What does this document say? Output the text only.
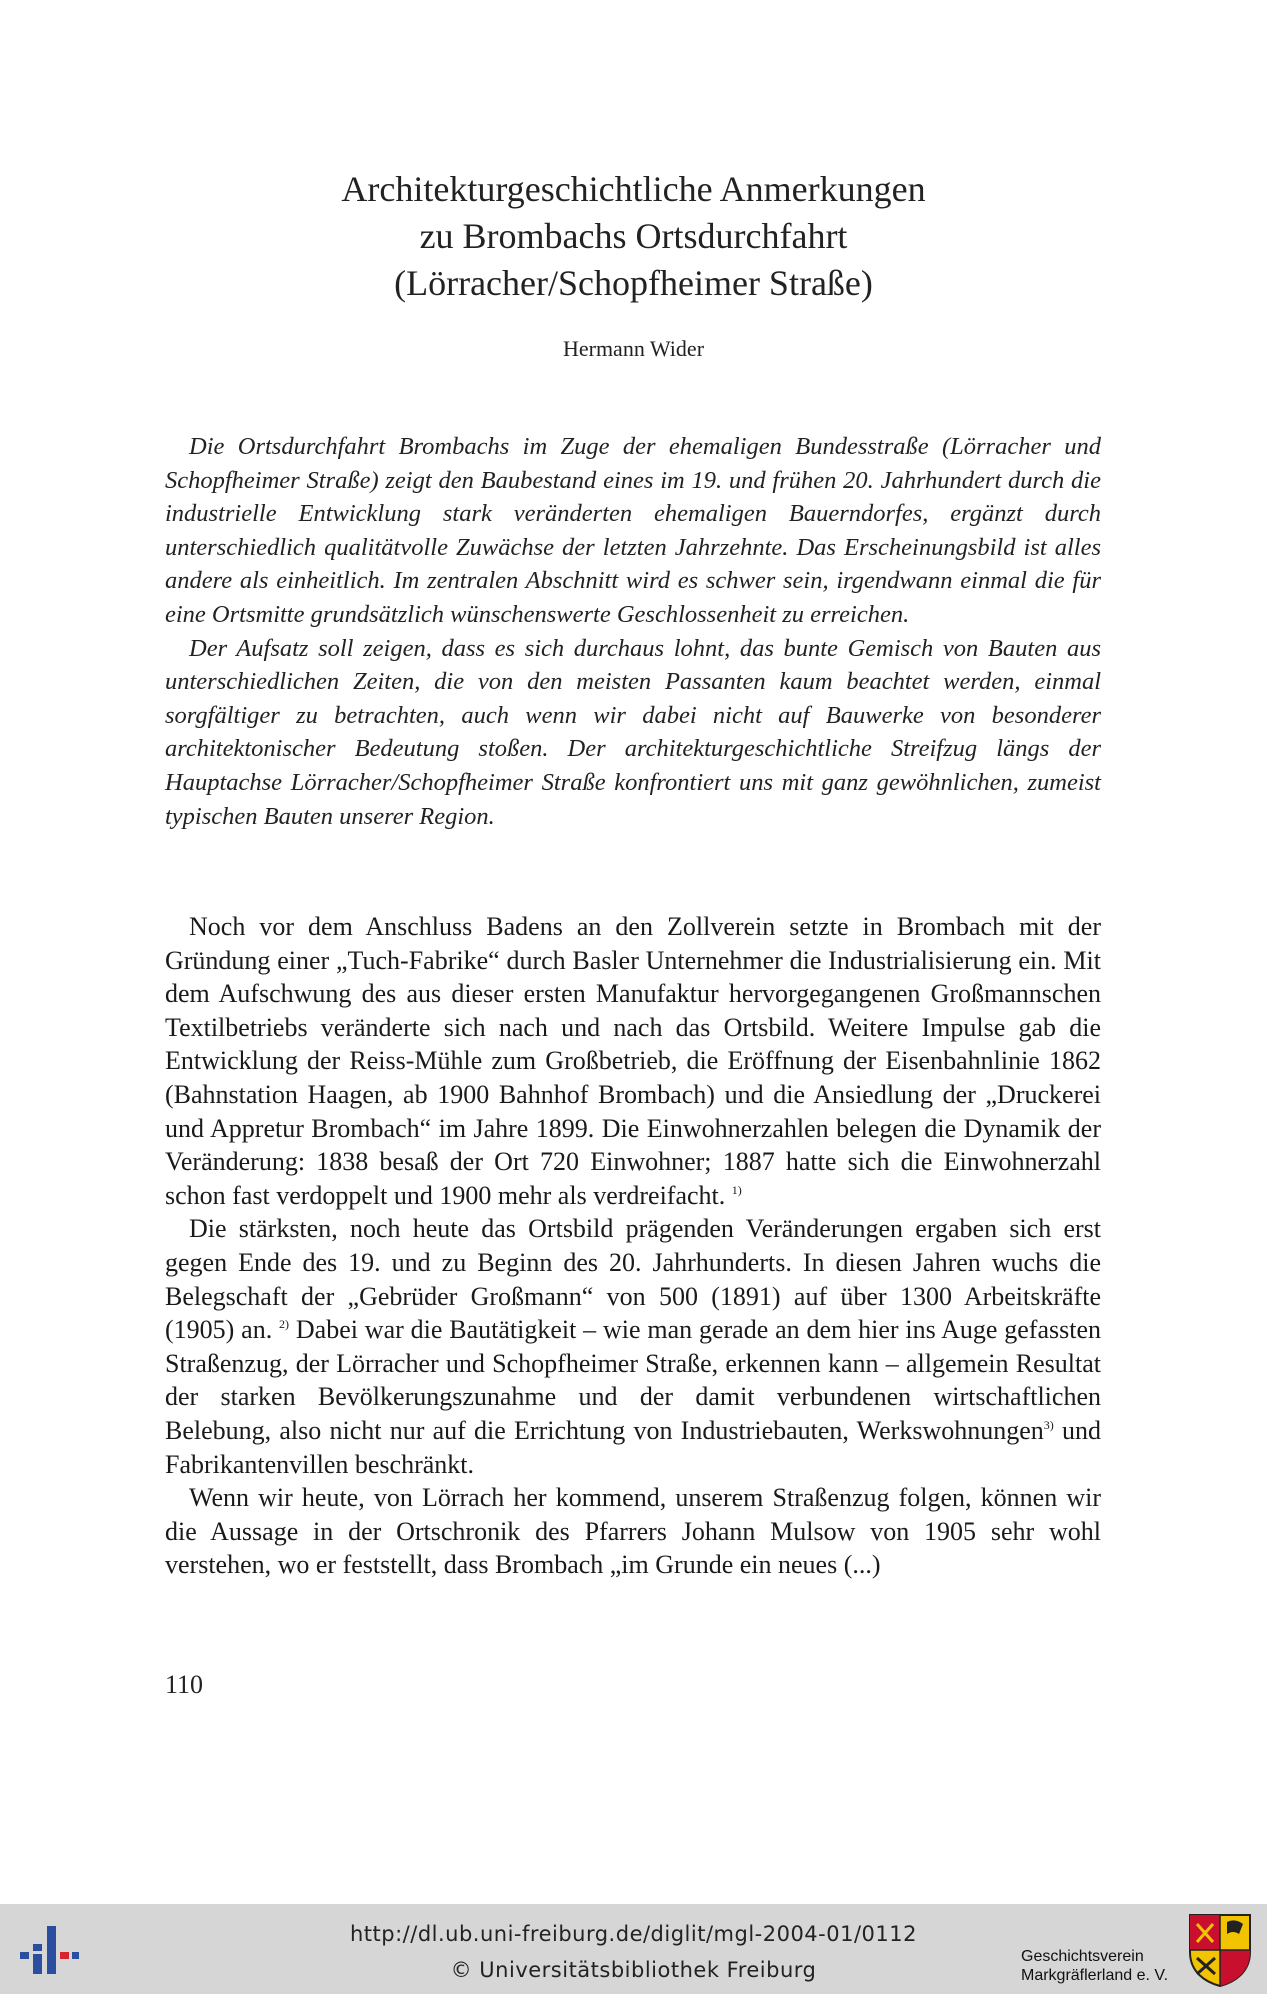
Architekturgeschichtliche Anmerkungen
zu Brombachs Ortsdurchfahrt
(Lörracher/Schopfheimer Straße)
Hermann Wider

Die Ortsdurchfahrt Brombachs im Zuge der ehemaligen Bundesstraße (Lörracher und Schopfheimer Straße) zeigt den Baubestand eines im 19. und frühen 20. Jahrhundert durch die industrielle Entwicklung stark veränderten ehemaligen Bauerndorfes, ergänzt durch unterschiedlich qualitätvolle Zuwächse der letzten Jahrzehnte. Das Erscheinungsbild ist alles andere als einheitlich. Im zentralen Abschnitt wird es schwer sein, irgendwann einmal die für eine Ortsmitte grundsätzlich wünschenswerte Geschlossenheit zu erreichen.

Der Aufsatz soll zeigen, dass es sich durchaus lohnt, das bunte Gemisch von Bauten aus unterschiedlichen Zeiten, die von den meisten Passanten kaum beachtet werden, einmal sorgfältiger zu betrachten, auch wenn wir dabei nicht auf Bauwerke von besonderer architektonischer Bedeutung stoßen. Der architekturgeschichtliche Streifzug längs der Hauptachse Lörracher/Schopfheimer Straße konfrontiert uns mit ganz gewöhnlichen, zumeist typischen Bauten unserer Region.

Noch vor dem Anschluss Badens an den Zollverein setzte in Brombach mit der Gründung einer „Tuch-Fabrike“ durch Basler Unternehmer die Industrialisierung ein. Mit dem Aufschwung des aus dieser ersten Manufaktur hervorgegangenen Großmannschen Textilbetriebs veränderte sich nach und nach das Ortsbild. Weitere Impulse gab die Entwicklung der Reiss-Mühle zum Großbetrieb, die Eröffnung der Eisenbahnlinie 1862 (Bahnstation Haagen, ab 1900 Bahnhof Brombach) und die Ansiedlung der „Druckerei und Appretur Brombach“ im Jahre 1899. Die Einwohnerzahlen belegen die Dynamik der Veränderung: 1838 besaß der Ort 720 Einwohner; 1887 hatte sich die Einwohnerzahl schon fast verdoppelt und 1900 mehr als verdreifacht. $^{1)}$

Die stärksten, noch heute das Ortsbild prägenden Veränderungen ergaben sich erst gegen Ende des 19. und zu Beginn des 20. Jahrhunderts. In diesen Jahren wuchs die Belegschaft der „Gebrüder Großmann“ von 500 (1891) auf über 1300 Arbeitskräfte (1905) an. $^{2)}$ Dabei war die Bautätigkeit – wie man gerade an dem hier ins Auge gefassten Straßenzug, der Lörracher und Schopfheimer Straße, erkennen kann – allgemein Resultat der starken Bevölkerungszunahme und der damit verbundenen wirtschaftlichen Belebung, also nicht nur auf die Errichtung von Industriebauten, Werkswohnungen$^{3)}$ und Fabrikantenvillen beschränkt.

Wenn wir heute, von Lörrach her kommend, unserem Straßenzug folgen, können wir die Aussage in der Ortschronik des Pfarrers Johann Mulsow von 1905 sehr wohl verstehen, wo er feststellt, dass Brombach „im Grunde ein neues (...)

110
http://dl.ub.uni-freiburg.de/diglit/mgl-2004-01/0112
© Universitätsbibliothek Freiburg
Geschichtsverein
Markgräflerland e. V.
